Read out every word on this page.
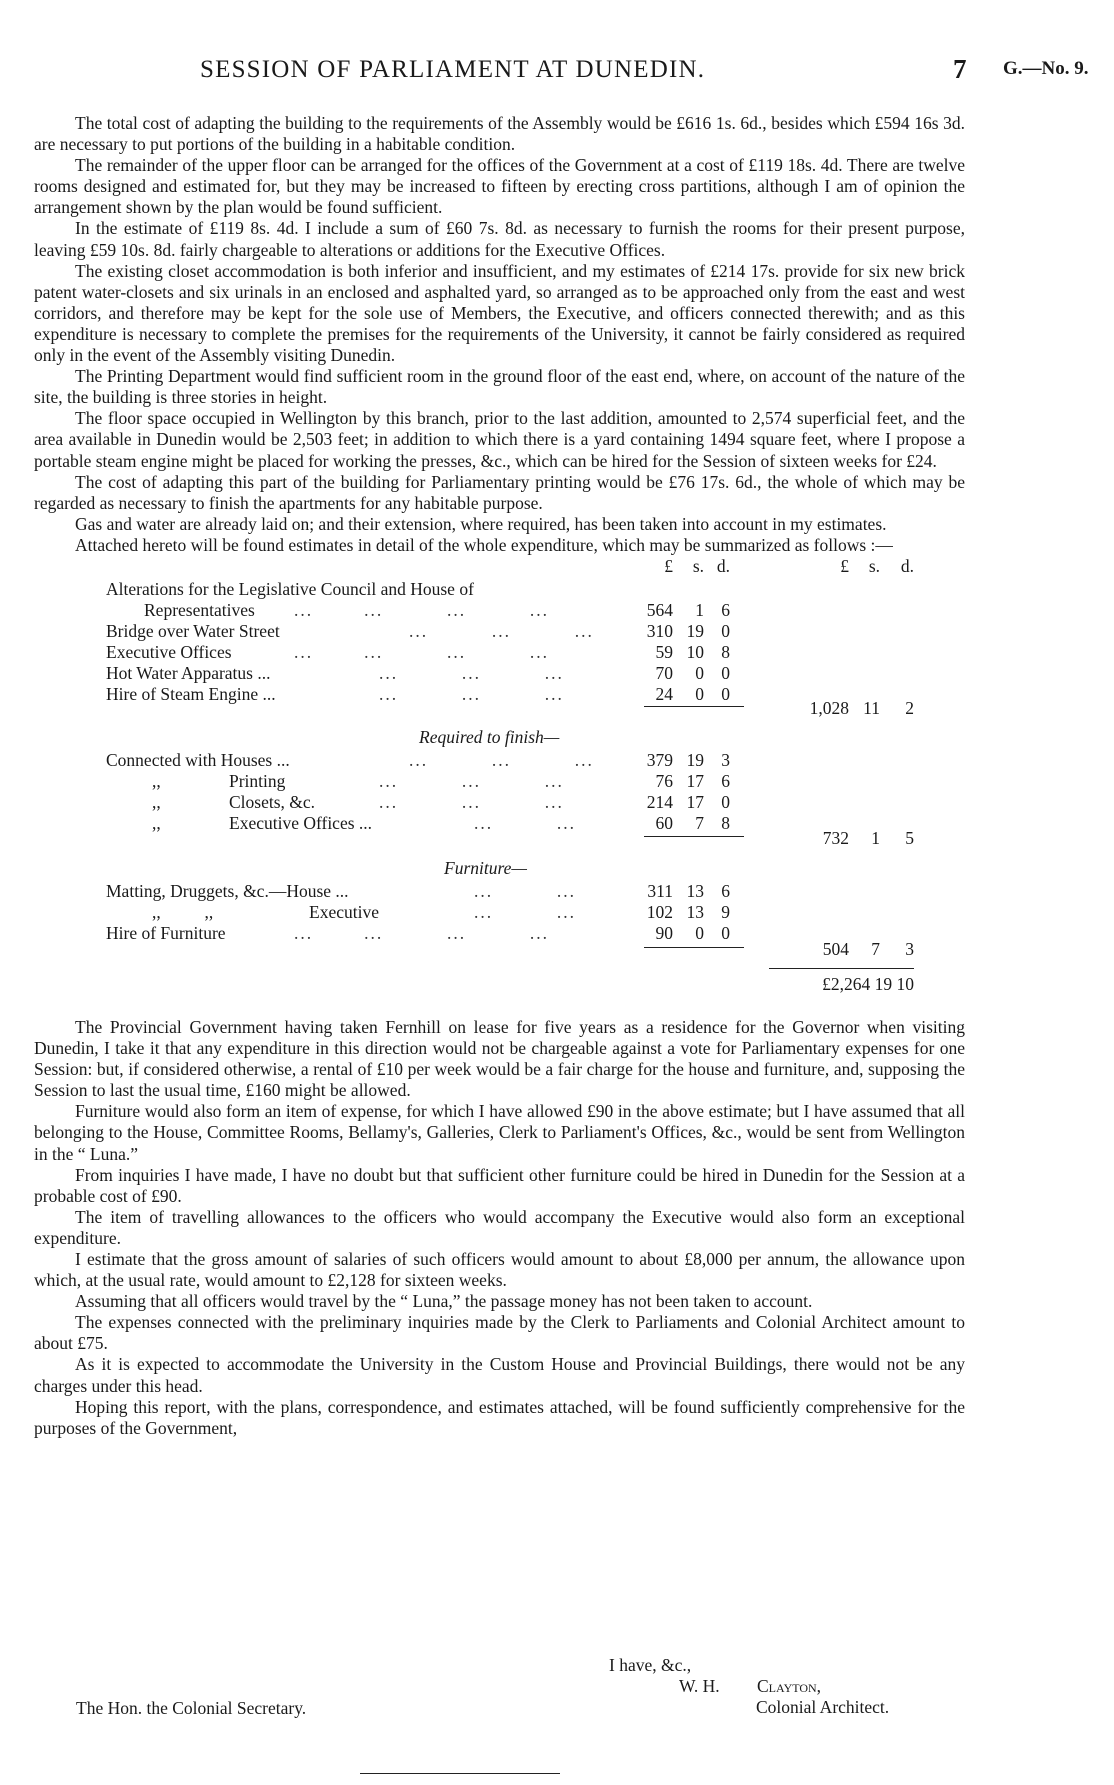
SESSION OF PARLIAMENT AT DUNEDIN.	7 G.—No. 9.

The total cost of adapting the building to the requirements of the Assembly would be £616 1s. 6d., besides which £594 16s 3d. are necessary to put portions of the building in a habitable condition.

The remainder of the upper floor can be arranged for the offices of the Government at a cost of £119 18s. 4d. There are twelve rooms designed and estimated for, but they may be increased to fifteen by erecting cross partitions, although I am of opinion the arrangement shown by the plan would be found sufficient.

In the estimate of £119 8s. 4d. I include a sum of £60 7s. 8d. as necessary to furnish the rooms for their present purpose, leaving £59 10s. 8d. fairly chargeable to alterations or additions for the Executive Offices.

The existing closet accommodation is both inferior and insufficient, and my estimates of £214 17s. provide for six new brick patent water-closets and six urinals in an enclosed and asphalted yard, so arranged as to be approached only from the east and west corridors, and therefore may be kept for the sole use of Members, the Executive, and officers connected therewith; and as this expenditure is necessary to complete the premises for the requirements of the University, it cannot be fairly considered as required only in the event of the Assembly visiting Dunedin.

The Printing Department would find sufficient room in the ground floor of the east end, where, on account of the nature of the site, the building is three stories in height.

The floor space occupied in Wellington by this branch, prior to the last addition, amounted to 2,574 superficial feet, and the area available in Dunedin would be 2,503 feet; in addition to which there is a yard containing 1494 square feet, where I propose a portable steam engine might be placed for working the presses, &c., which can be hired for the Session of sixteen weeks for £24.

The cost of adapting this part of the building for Parliamentary printing would be £76 17s. 6d., the whole of which may be regarded as necessary to finish the apartments for any habitable purpose.

Gas and water are already laid on; and their extension, where required, has been taken into account in my estimates.

Attached hereto will be found estimates in detail of the whole expenditure, which may be summarized as follows :—

£	s. d.	£	s.	d.
Alterations for the Legislative Council and House of
Representatives ...        ...          ...          ...	564	1 6
Bridge over Water Street	...          ...          ...	310 19 0
Executive Offices	...        ...          ...          ...	59 10 8
Hot Water Apparatus ...	...          ...          ...	70	0 0
Hire of Steam Engine ...	...          ...          ...	24	0 0
1,028 11	2
Required to finish—
Connected with Houses ...	...          ...          ...	379 19 3
,,	Printing	...          ...          ...	76 17 6
,,	Closets, &c.	...          ...          ...	214 17 0
,,	Executive Offices ...	...          ...	60	7 8
732	1	5
Furniture—
Matting, Druggets, &c.—House ...	...          ...	311 13 6
,,          ,,	Executive	...          ...	102 13 9
Hire of Furniture	...        ...          ...          ...	90	0 0
504	7	3
£2,264 19 10

The Provincial Government having taken Fernhill on lease for five years as a residence for the Governor when visiting Dunedin, I take it that any expenditure in this direction would not be chargeable against a vote for Parliamentary expenses for one Session: but, if considered otherwise, a rental of £10 per week would be a fair charge for the house and furniture, and, supposing the Session to last the usual time, £160 might be allowed.

Furniture would also form an item of expense, for which I have allowed £90 in the above estimate; but I have assumed that all belonging to the House, Committee Rooms, Bellamy's, Galleries, Clerk to Parliament's Offices, &c., would be sent from Wellington in the “ Luna.”

From inquiries I have made, I have no doubt but that sufficient other furniture could be hired in Dunedin for the Session at a probable cost of £90.

The item of travelling allowances to the officers who would accompany the Executive would also form an exceptional expenditure.

I estimate that the gross amount of salaries of such officers would amount to about £8,000 per annum, the allowance upon which, at the usual rate, would amount to £2,128 for sixteen weeks.

Assuming that all officers would travel by the “ Luna,” the passage money has not been taken to account.

The expenses connected with the preliminary inquiries made by the Clerk to Parliaments and Colonial Architect amount to about £75.

As it is expected to accommodate the University in the Custom House and Provincial Buildings, there would not be any charges under this head.

Hoping this report, with the plans, correspondence, and estimates attached, will be found sufficiently comprehensive for the purposes of the Government,

I have, &c.,
W. H. Clayton,
Colonial Architect.
The Hon. the Colonial Secretary.
